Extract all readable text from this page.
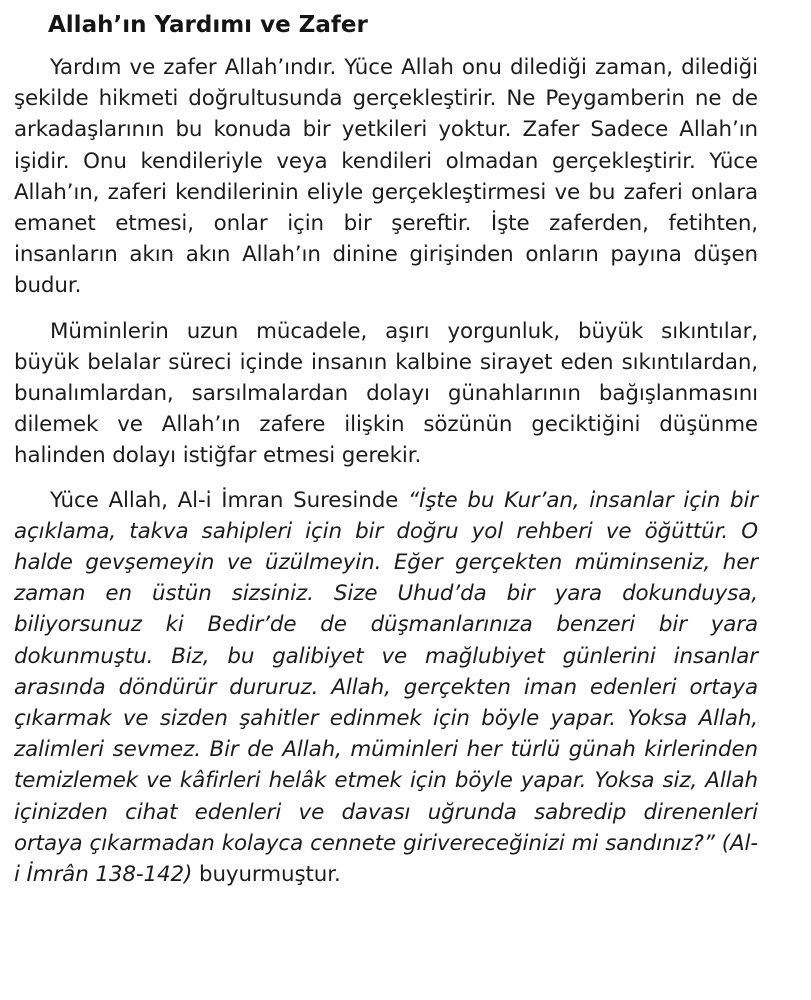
Allah’ın Yardımı ve Zafer

Yardım ve zafer Allah’ındır. Yüce Allah onu dilediği zaman, dilediği şekilde hikmeti doğrultusunda gerçekleştirir. Ne Peygamberin ne de arkadaşlarının bu konuda bir yetkileri yoktur. Zafer Sadece Allah’ın işidir. Onu kendileriyle veya kendileri olmadan gerçekleştirir. Yüce Allah’ın, zaferi kendilerinin eliyle gerçekleştirmesi ve bu zaferi onlara emanet etmesi, onlar için bir şereftir. İşte zaferden, fetihten, insanların akın akın Allah’ın dinine girişinden onların payına düşen budur.

Müminlerin uzun mücadele, aşırı yorgunluk, büyük sıkıntılar, büyük belalar süreci içinde insanın kalbine sirayet eden sıkıntılardan, bunalımlardan, sarsılmalardan dolayı günahlarının bağışlanmasını dilemek ve Allah’ın zafere ilişkin sözünün geciktiğini düşünme halinden dolayı istiğfar etmesi gerekir.

Yüce Allah, Al-i İmran Suresinde “İşte bu Kur’an, insanlar için bir açıklama, takva sahipleri için bir doğru yol rehberi ve öğüttür. O halde gevşemeyin ve üzülmeyin. Eğer gerçekten müminseniz, her zaman en üstün sizsiniz. Size Uhud’da bir yara dokunduysa, biliyorsunuz ki Bedir’de de düşmanlarınıza benzeri bir yara dokunmuştu. Biz, bu galibiyet ve mağlubiyet günlerini insanlar arasında döndürür dururuz. Allah, gerçekten iman edenleri ortaya çıkarmak ve sizden şahitler edinmek için böyle yapar. Yoksa Allah, zalimleri sevmez. Bir de Allah, müminleri her türlü günah kirlerinden temizlemek ve kâfirleri helâk etmek için böyle yapar. Yoksa siz, Allah içinizden cihat edenleri ve davası uğrunda sabredip direnenleri ortaya çıkarmadan kolayca cennete girivereceğinizi mi sandınız?” (Al-i İmrân 138-142) buyurmuştur.
